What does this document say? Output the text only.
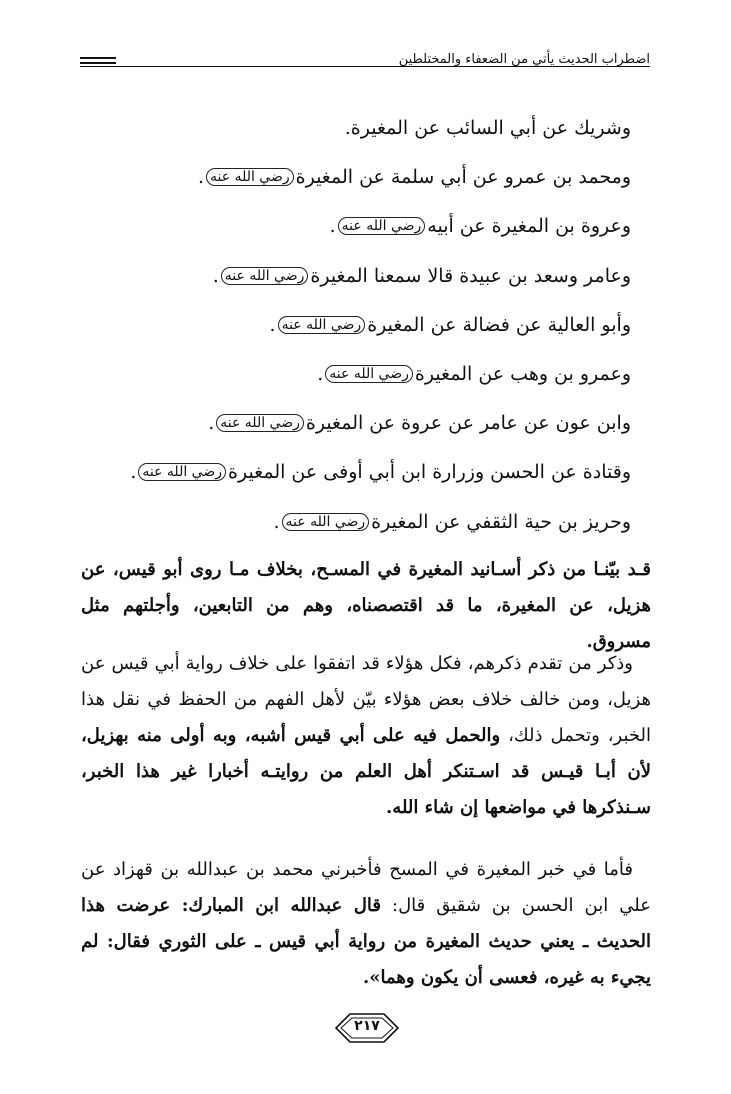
اضطراب الحديث يأتي من الضعفاء والمختلطين
وشريك عن أبي السائب عن المغيرة.
ومحمد بن عمرو عن أبي سلمة عن المغيرةرضي الله عنه.
وعروة بن المغيرة عن أبيهرضي الله عنه.
وعامر وسعد بن عبيدة قالا سمعنا المغيرةرضي الله عنه.
وأبو العالية عن فضالة عن المغيرةرضي الله عنه.
وعمرو بن وهب عن المغيرةرضي الله عنه.
وابن عون عن عامر عن عروة عن المغيرةرضي الله عنه.
وقتادة عن الحسن وزرارة ابن أبي أوفى عن المغيرةرضي الله عنه.
وحريز بن حية الثقفي عن المغيرةرضي الله عنه.

قـد بيّنـا من ذكر أسـانيد المغيرة في المسـح، بخلاف مـا روى أبو قيس، عن هزيل، عن المغيرة، ما قد اقتصصناه، وهم من التابعين، وأجلتهم مثل مسروق.

وذكر من تقدم ذكرهم، فكل هؤلاء قد اتفقوا على خلاف رواية أبي قيس عن هزيل، ومن خالف خلاف بعض هؤلاء بيّن لأهل الفهم من الحفظ في نقل هذا الخبر، وتحمل ذلك، والحمل فيه على أبي قيس أشبه، وبه أولى منه بهزيل، لأن أبـا قيـس قد اسـتنكر أهل العلم من روايتـه أخبارا غير هذا الخبر، سـنذكرها في مواضعها إن شاء الله.

فأما في خبر المغيرة في المسح فأخبرني محمد بن عبدالله بن قهزاد عن علي ابن الحسن بن شقيق قال: قال عبدالله ابن المبارك: عرضت هذا الحديث ـ يعني حديث المغيرة من رواية أبي قيس ـ على الثوري فقال: لم يجيء به غيره، فعسى أن يكون وهما».

٢١٧
